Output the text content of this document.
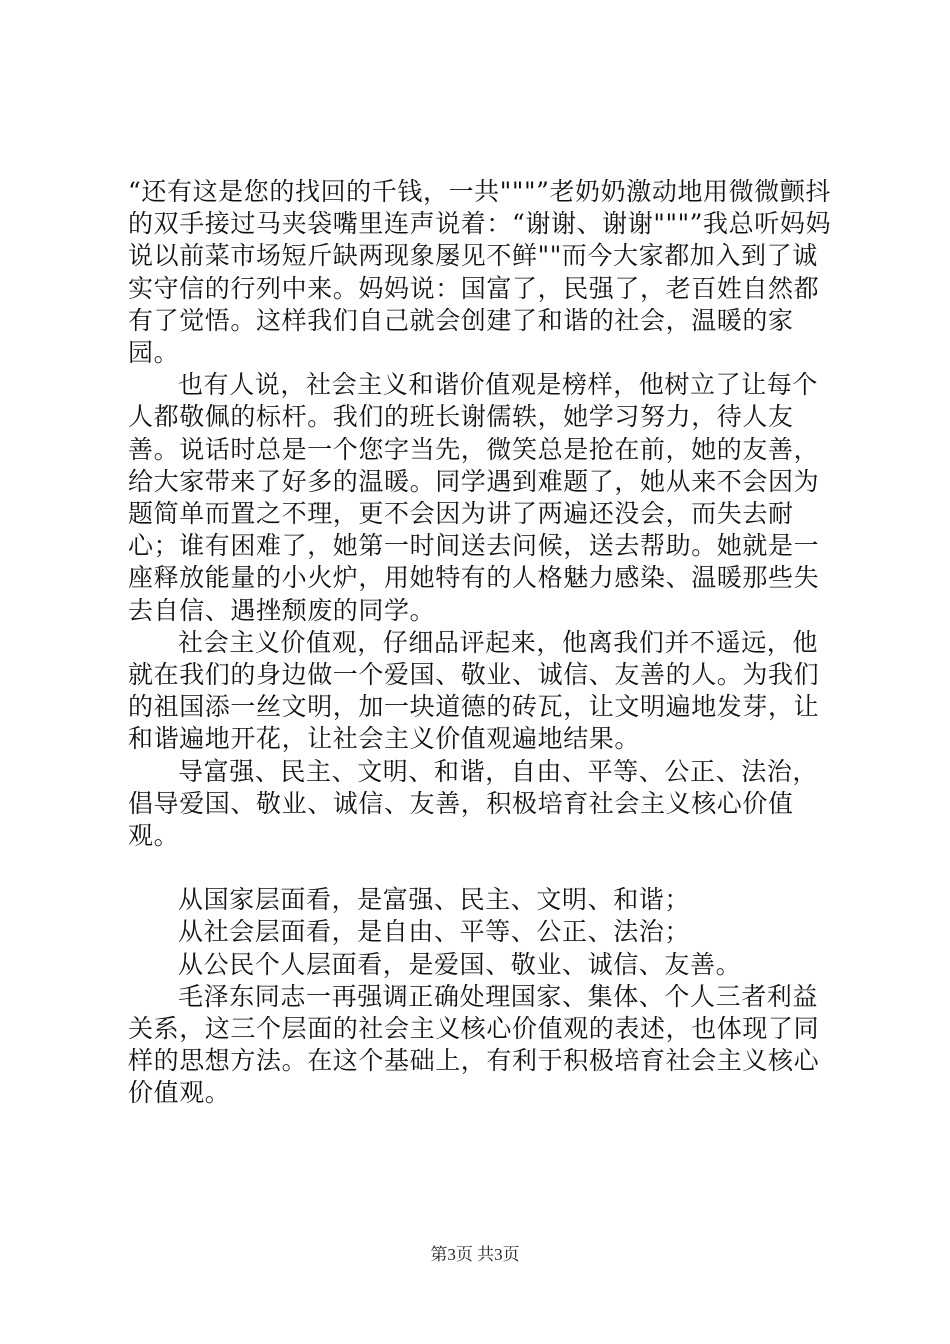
“还有这是您的找回的千钱，一共"""”老奶奶激动地用微微颤抖的双手接过马夹袋嘴里连声说着：“谢谢、谢谢"""”我总听妈妈说以前菜市场短斤缺两现象屡见不鲜""而今大家都加入到了诚实守信的行列中来。妈妈说：国富了，民强了，老百姓自然都有了觉悟。这样我们自己就会创建了和谐的社会，温暖的家园。

也有人说，社会主义和谐价值观是榜样，他树立了让每个人都敬佩的标杆。我们的班长谢儒轶，她学习努力，待人友善。说话时总是一个您字当先，微笑总是抢在前，她的友善，给大家带来了好多的温暖。同学遇到难题了，她从来不会因为题简单而置之不理，更不会因为讲了两遍还没会，而失去耐心；谁有困难了，她第一时间送去问候，送去帮助。她就是一座释放能量的小火炉，用她特有的人格魅力感染、温暖那些失去自信、遇挫颓废的同学。

社会主义价值观，仔细品评起来，他离我们并不遥远，他就在我们的身边做一个爱国、敬业、诚信、友善的人。为我们的祖国添一丝文明，加一块道德的砖瓦，让文明遍地发芽，让和谐遍地开花，让社会主义价值观遍地结果。

导富强、民主、文明、和谐，自由、平等、公正、法治，倡导爱国、敬业、诚信、友善，积极培育社会主义核心价值观。

从国家层面看，是富强、民主、文明、和谐；

从社会层面看，是自由、平等、公正、法治；

从公民个人层面看，是爱国、敬业、诚信、友善。

毛泽东同志一再强调正确处理国家、集体、个人三者利益关系，这三个层面的社会主义核心价值观的表述，也体现了同样的思想方法。在这个基础上，有利于积极培育社会主义核心价值观。

第3页 共3页
